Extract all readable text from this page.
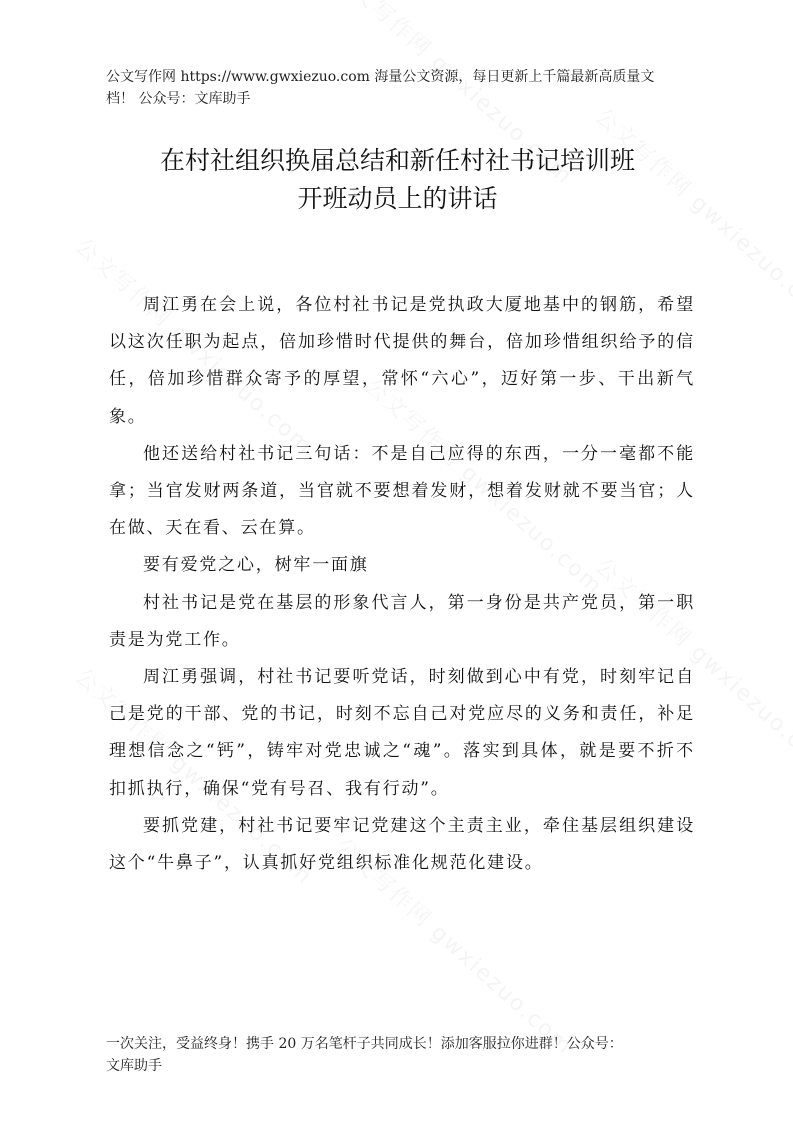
公文写作网 https://www.gwxiezuo.com 海量公文资源，每日更新上千篇最新高质量文
档！ 公众号：文库助手
在村社组织换届总结和新任村社书记培训班
开班动员上的讲话

周江勇在会上说，各位村社书记是党执政大厦地基中的钢筋，希望以这次任职为起点，倍加珍惜时代提供的舞台，倍加珍惜组织给予的信任，倍加珍惜群众寄予的厚望，常怀“六心”，迈好第一步、干出新气象。

他还送给村社书记三句话：不是自己应得的东西，一分一毫都不能拿；当官发财两条道，当官就不要想着发财，想着发财就不要当官；人在做、天在看、云在算。

要有爱党之心，树牢一面旗

村社书记是党在基层的形象代言人，第一身份是共产党员，第一职责是为党工作。

周江勇强调，村社书记要听党话，时刻做到心中有党，时刻牢记自己是党的干部、党的书记，时刻不忘自己对党应尽的义务和责任，补足理想信念之“钙”，铸牢对党忠诚之“魂”。落实到具体，就是要不折不扣抓执行，确保“党有号召、我有行动”。

要抓党建，村社书记要牢记党建这个主责主业，牵住基层组织建设这个“牛鼻子”，认真抓好党组织标准化规范化建设。

一次关注，受益终身！携手 20 万名笔杆子共同成长！添加客服拉你进群！公众号：
文库助手
